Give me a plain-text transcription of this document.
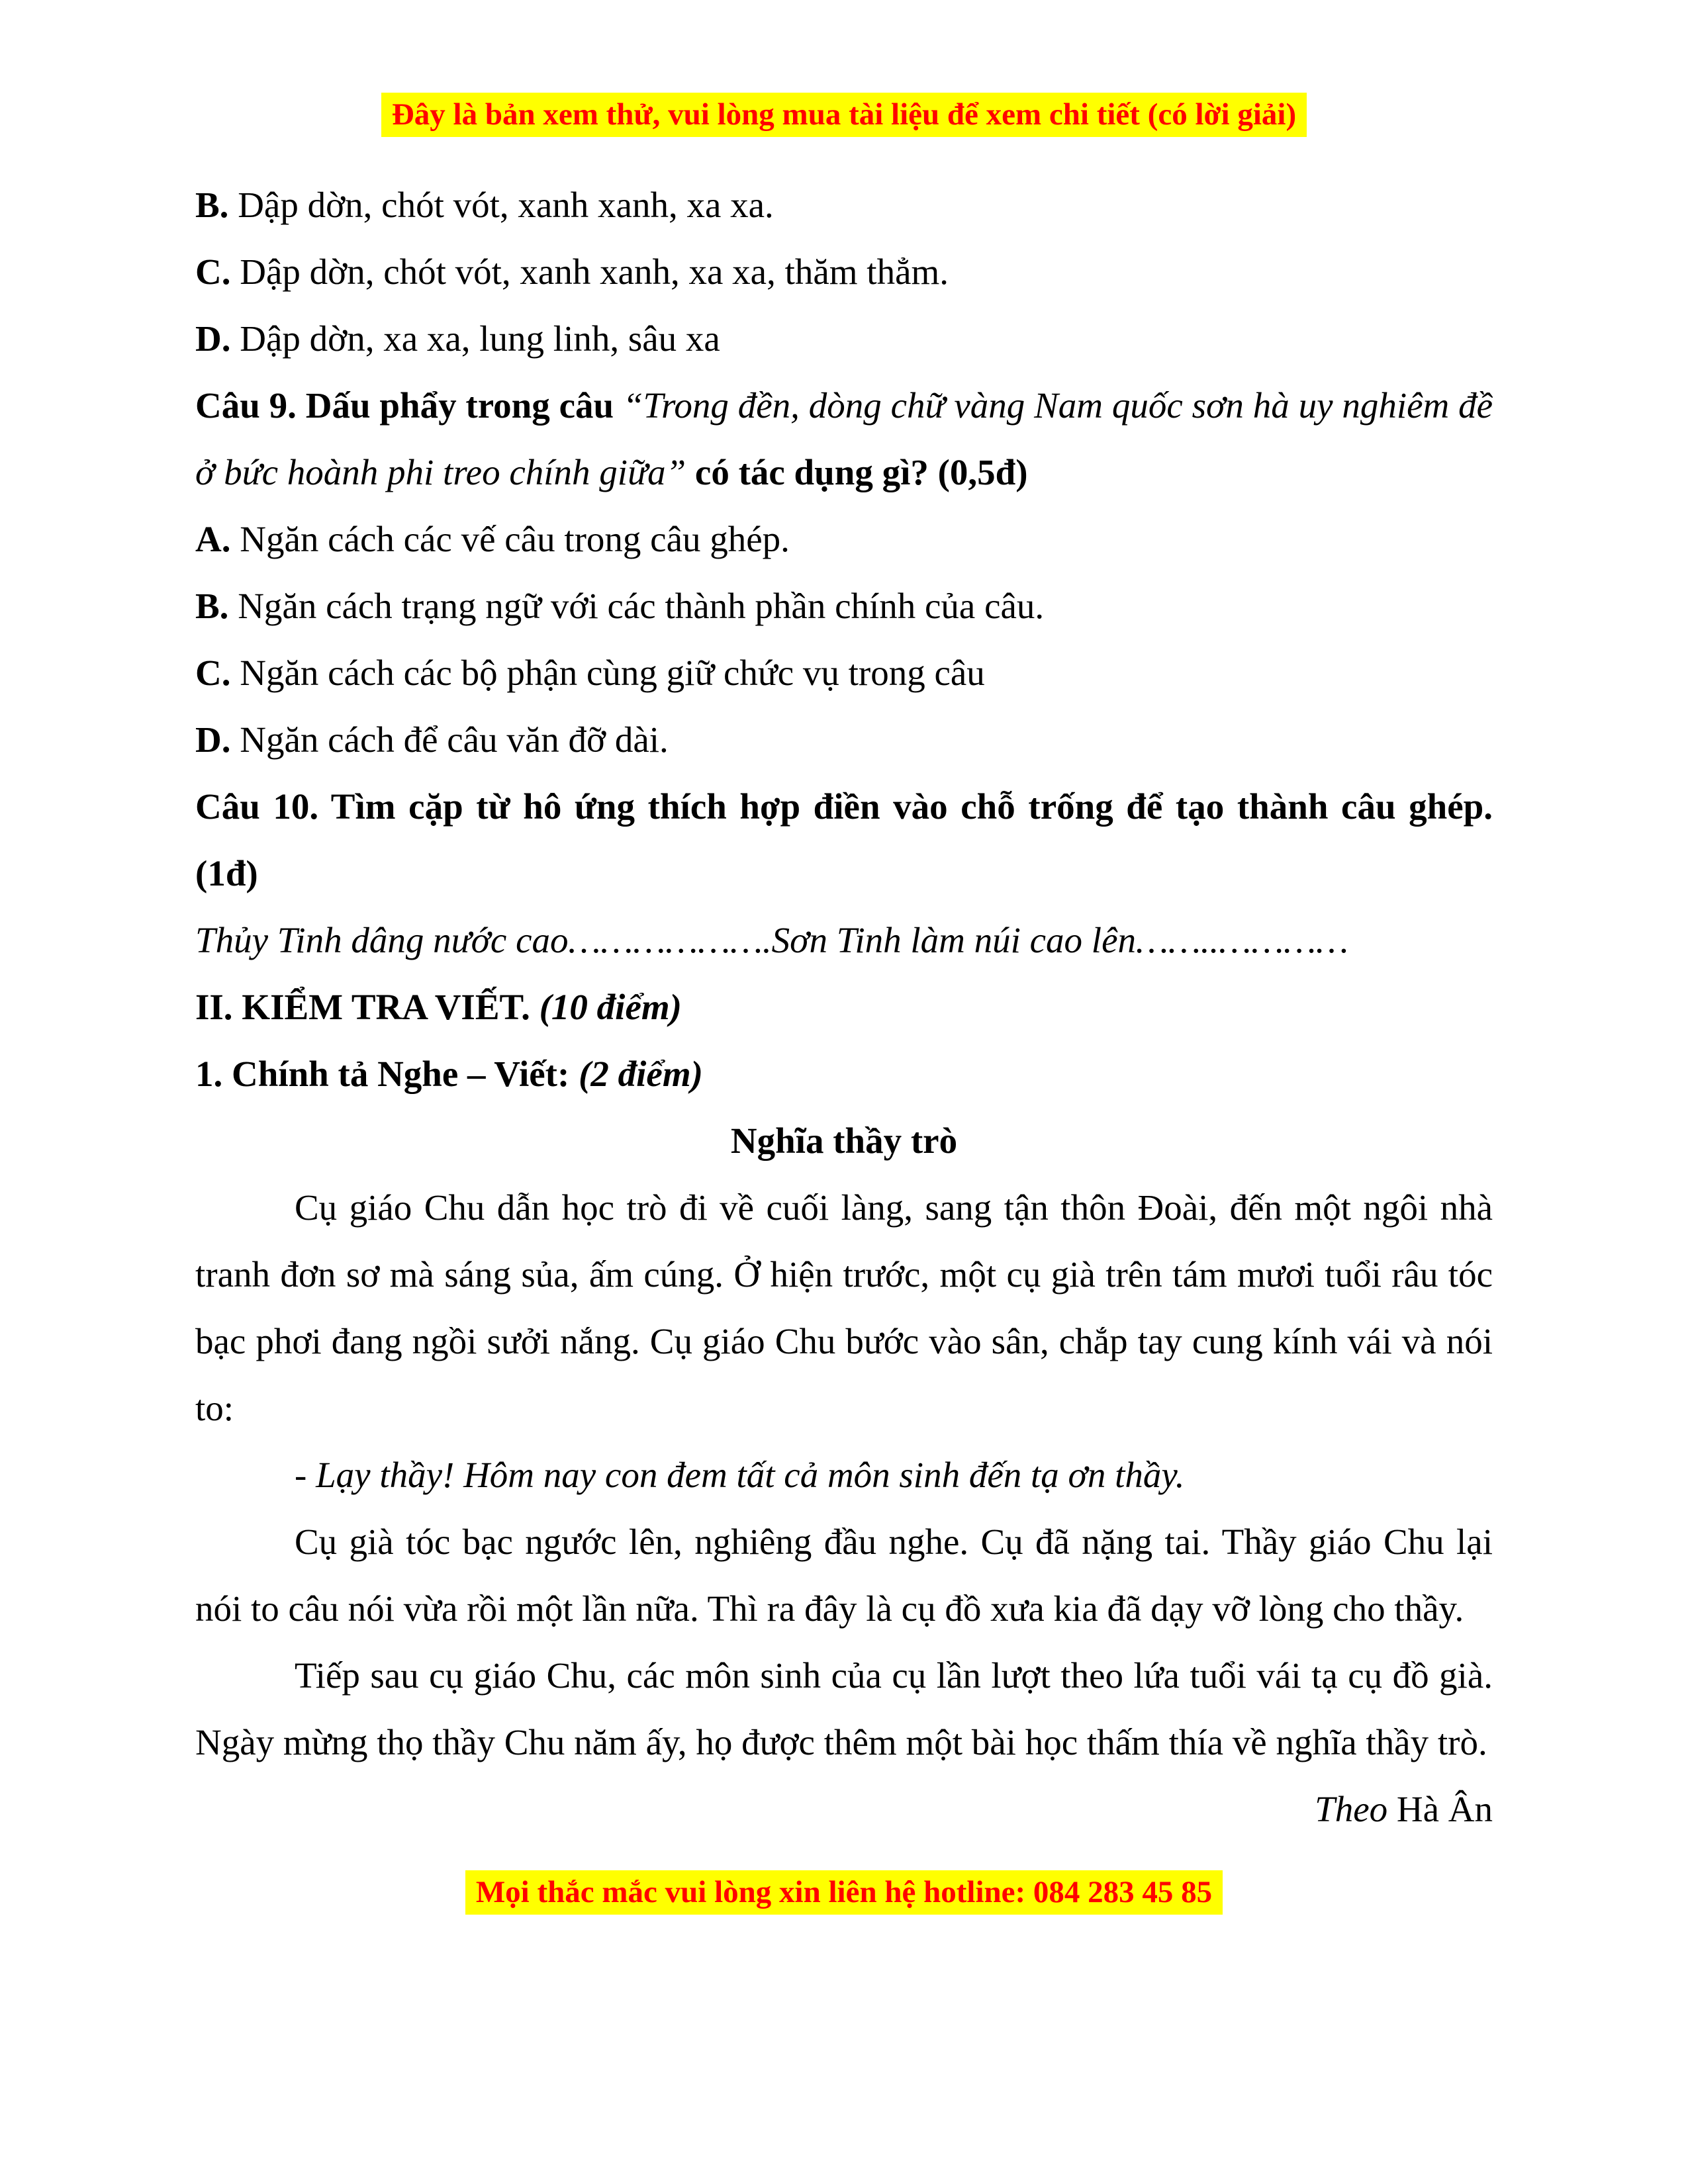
Đây là bản xem thử, vui lòng mua tài liệu để xem chi tiết (có lời giải)

B. Dập dờn, chót vót, xanh xanh, xa xa.

C. Dập dờn, chót vót, xanh xanh, xa xa, thăm thẳm.

D. Dập dờn, xa xa, lung linh, sâu xa

Câu 9. Dấu phẩy trong câu “Trong đền, dòng chữ vàng Nam quốc sơn hà uy nghiêm đề ở bức hoành phi treo chính giữa” có tác dụng gì? (0,5đ)

A. Ngăn cách các vế câu trong câu ghép.

B. Ngăn cách trạng ngữ với các thành phần chính của câu.

C. Ngăn cách các bộ phận cùng giữ chức vụ trong câu

D. Ngăn cách để câu văn đỡ dài.

Câu 10. Tìm cặp từ hô ứng thích hợp điền vào chỗ trống để tạo thành câu ghép. (1đ)

Thủy Tinh dâng nước cao……………….Sơn Tinh làm núi cao lên……..…………

II. KIỂM TRA VIẾT. (10 điểm)

1. Chính tả Nghe – Viết: (2 điểm)

Nghĩa thầy trò

Cụ giáo Chu dẫn học trò đi về cuối làng, sang tận thôn Đoài, đến một ngôi nhà tranh đơn sơ mà sáng sủa, ấm cúng. Ở hiện trước, một cụ già trên tám mươi tuổi râu tóc bạc phơi đang ngồi sưởi nắng. Cụ giáo Chu bước vào sân, chắp tay cung kính vái và nói to:

- Lạy thầy! Hôm nay con đem tất cả môn sinh đến tạ ơn thầy.

Cụ già tóc bạc ngước lên, nghiêng đầu nghe. Cụ đã nặng tai. Thầy giáo Chu lại nói to câu nói vừa rồi một lần nữa. Thì ra đây là cụ đồ xưa kia đã dạy vỡ lòng cho thầy.

Tiếp sau cụ giáo Chu, các môn sinh của cụ lần lượt theo lứa tuổi vái tạ cụ đồ già. Ngày mừng thọ thầy Chu năm ấy, họ được thêm một bài học thấm thía về nghĩa thầy trò.

Theo Hà Ân

Mọi thắc mắc vui lòng xin liên hệ hotline: 084 283 45 85
